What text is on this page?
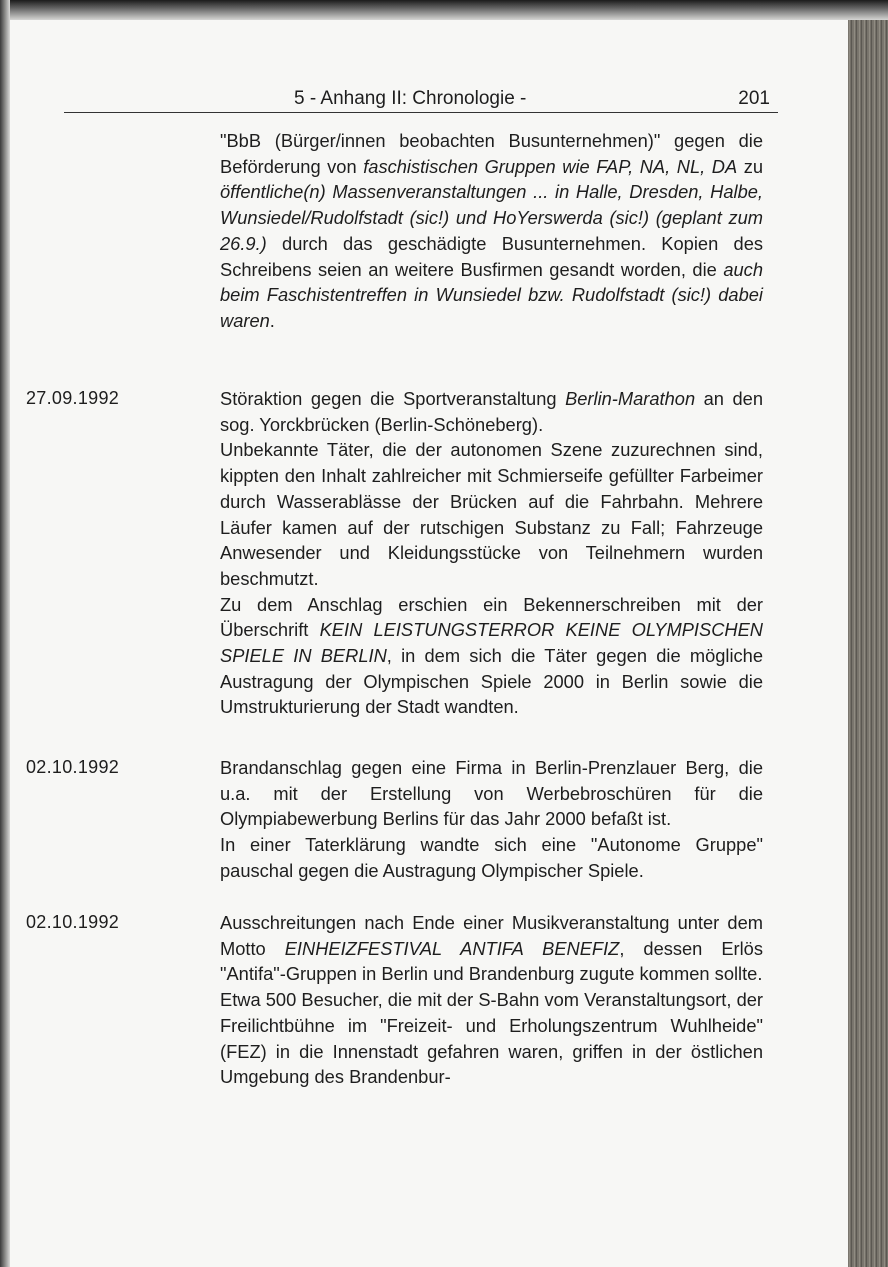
5 - Anhang II: Chronologie -	201

"BbB (Bürger/innen beobachten Busunternehmen)" gegen die Beförderung von faschistischen Gruppen wie FAP, NA, NL, DA zu öffentliche(n) Massenveranstaltungen ... in Halle, Dresden, Halbe, Wunsiedel/Rudolfstadt (sic!) und HoYerswerda (sic!) (geplant zum 26.9.) durch das geschädigte Busunternehmen. Kopien des Schreibens seien an weitere Busfirmen gesandt worden, die auch beim Faschistentreffen in Wunsiedel bzw. Rudolfstadt (sic!) dabei waren.

27.09.1992	Störaktion gegen die Sportveranstaltung Berlin-Marathon an den sog. Yorckbrücken (Berlin-Schöneberg).

Unbekannte Täter, die der autonomen Szene zuzurechnen sind, kippten den Inhalt zahlreicher mit Schmierseife gefüllter Farbeimer durch Wasserablässe der Brücken auf die Fahrbahn. Mehrere Läufer kamen auf der rutschigen Substanz zu Fall; Fahrzeuge Anwesender und Kleidungsstücke von Teilnehmern wurden beschmutzt.

Zu dem Anschlag erschien ein Bekennerschreiben mit der Überschrift KEIN LEISTUNGSTERROR KEINE OLYMPISCHEN SPIELE IN BERLIN, in dem sich die Täter gegen die mögliche Austragung der Olympischen Spiele 2000 in Berlin sowie die Umstrukturierung der Stadt wandten.

02.10.1992	Brandanschlag gegen eine Firma in Berlin-Prenzlauer Berg, die u.a. mit der Erstellung von Werbebroschüren für die Olympiabewerbung Berlins für das Jahr 2000 befaßt ist.

In einer Taterklärung wandte sich eine "Autonome Gruppe" pauschal gegen die Austragung Olympischer Spiele.

02.10.1992	Ausschreitungen nach Ende einer Musikveranstaltung unter dem Motto EINHEIZFESTIVAL ANTIFA BENEFIZ, dessen Erlös "Antifa"-Gruppen in Berlin und Brandenburg zugute kommen sollte.

Etwa 500 Besucher, die mit der S-Bahn vom Veranstaltungsort, der Freilichtbühne im "Freizeit- und Erholungszentrum Wuhlheide" (FEZ) in die Innenstadt gefahren waren, griffen in der östlichen Umgebung des Brandenbur-
